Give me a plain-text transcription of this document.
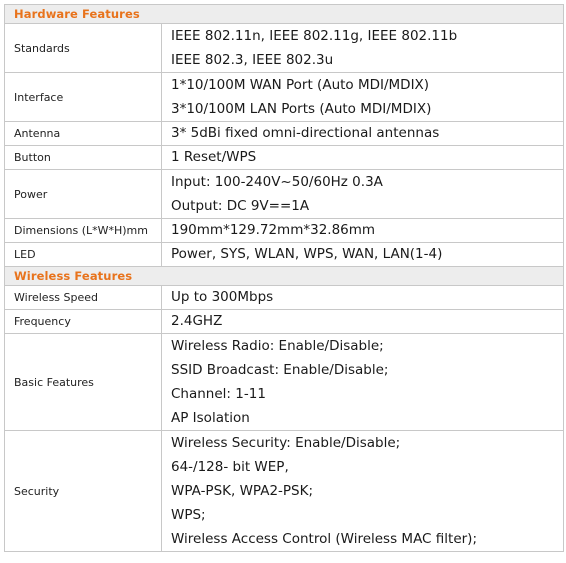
Hardware Features	
Standards	IEEE 802.11n, IEEE 802.11g, IEEE 802.11b
IEEE 802.3, IEEE 802.3u

Interface	1*10/100M WAN Port (Auto MDI/MDIX)
3*10/100M LAN Ports (Auto MDI/MDIX)

Antenna	3* 5dBi fixed omni-directional antennas

Button	1 Reset/WPS

Power	Input: 100-240V~50/60Hz 0.3A
Output: DC 9V==1A

Dimensions (L*W*H)mm	190mm*129.72mm*32.86mm

LED	Power, SYS, WLAN, WPS, WAN, LAN(1-4)

Wireless Features	
Wireless Speed	Up to 300Mbps

Frequency	2.4GHZ

Basic Features	Wireless Radio: Enable/Disable;
SSID Broadcast: Enable/Disable;
Channel: 1-11
AP Isolation

Security	Wireless Security: Enable/Disable;
64-/128- bit WEP,
WPA-PSK, WPA2-PSK;
WPS;
Wireless Access Control (Wireless MAC filter);
